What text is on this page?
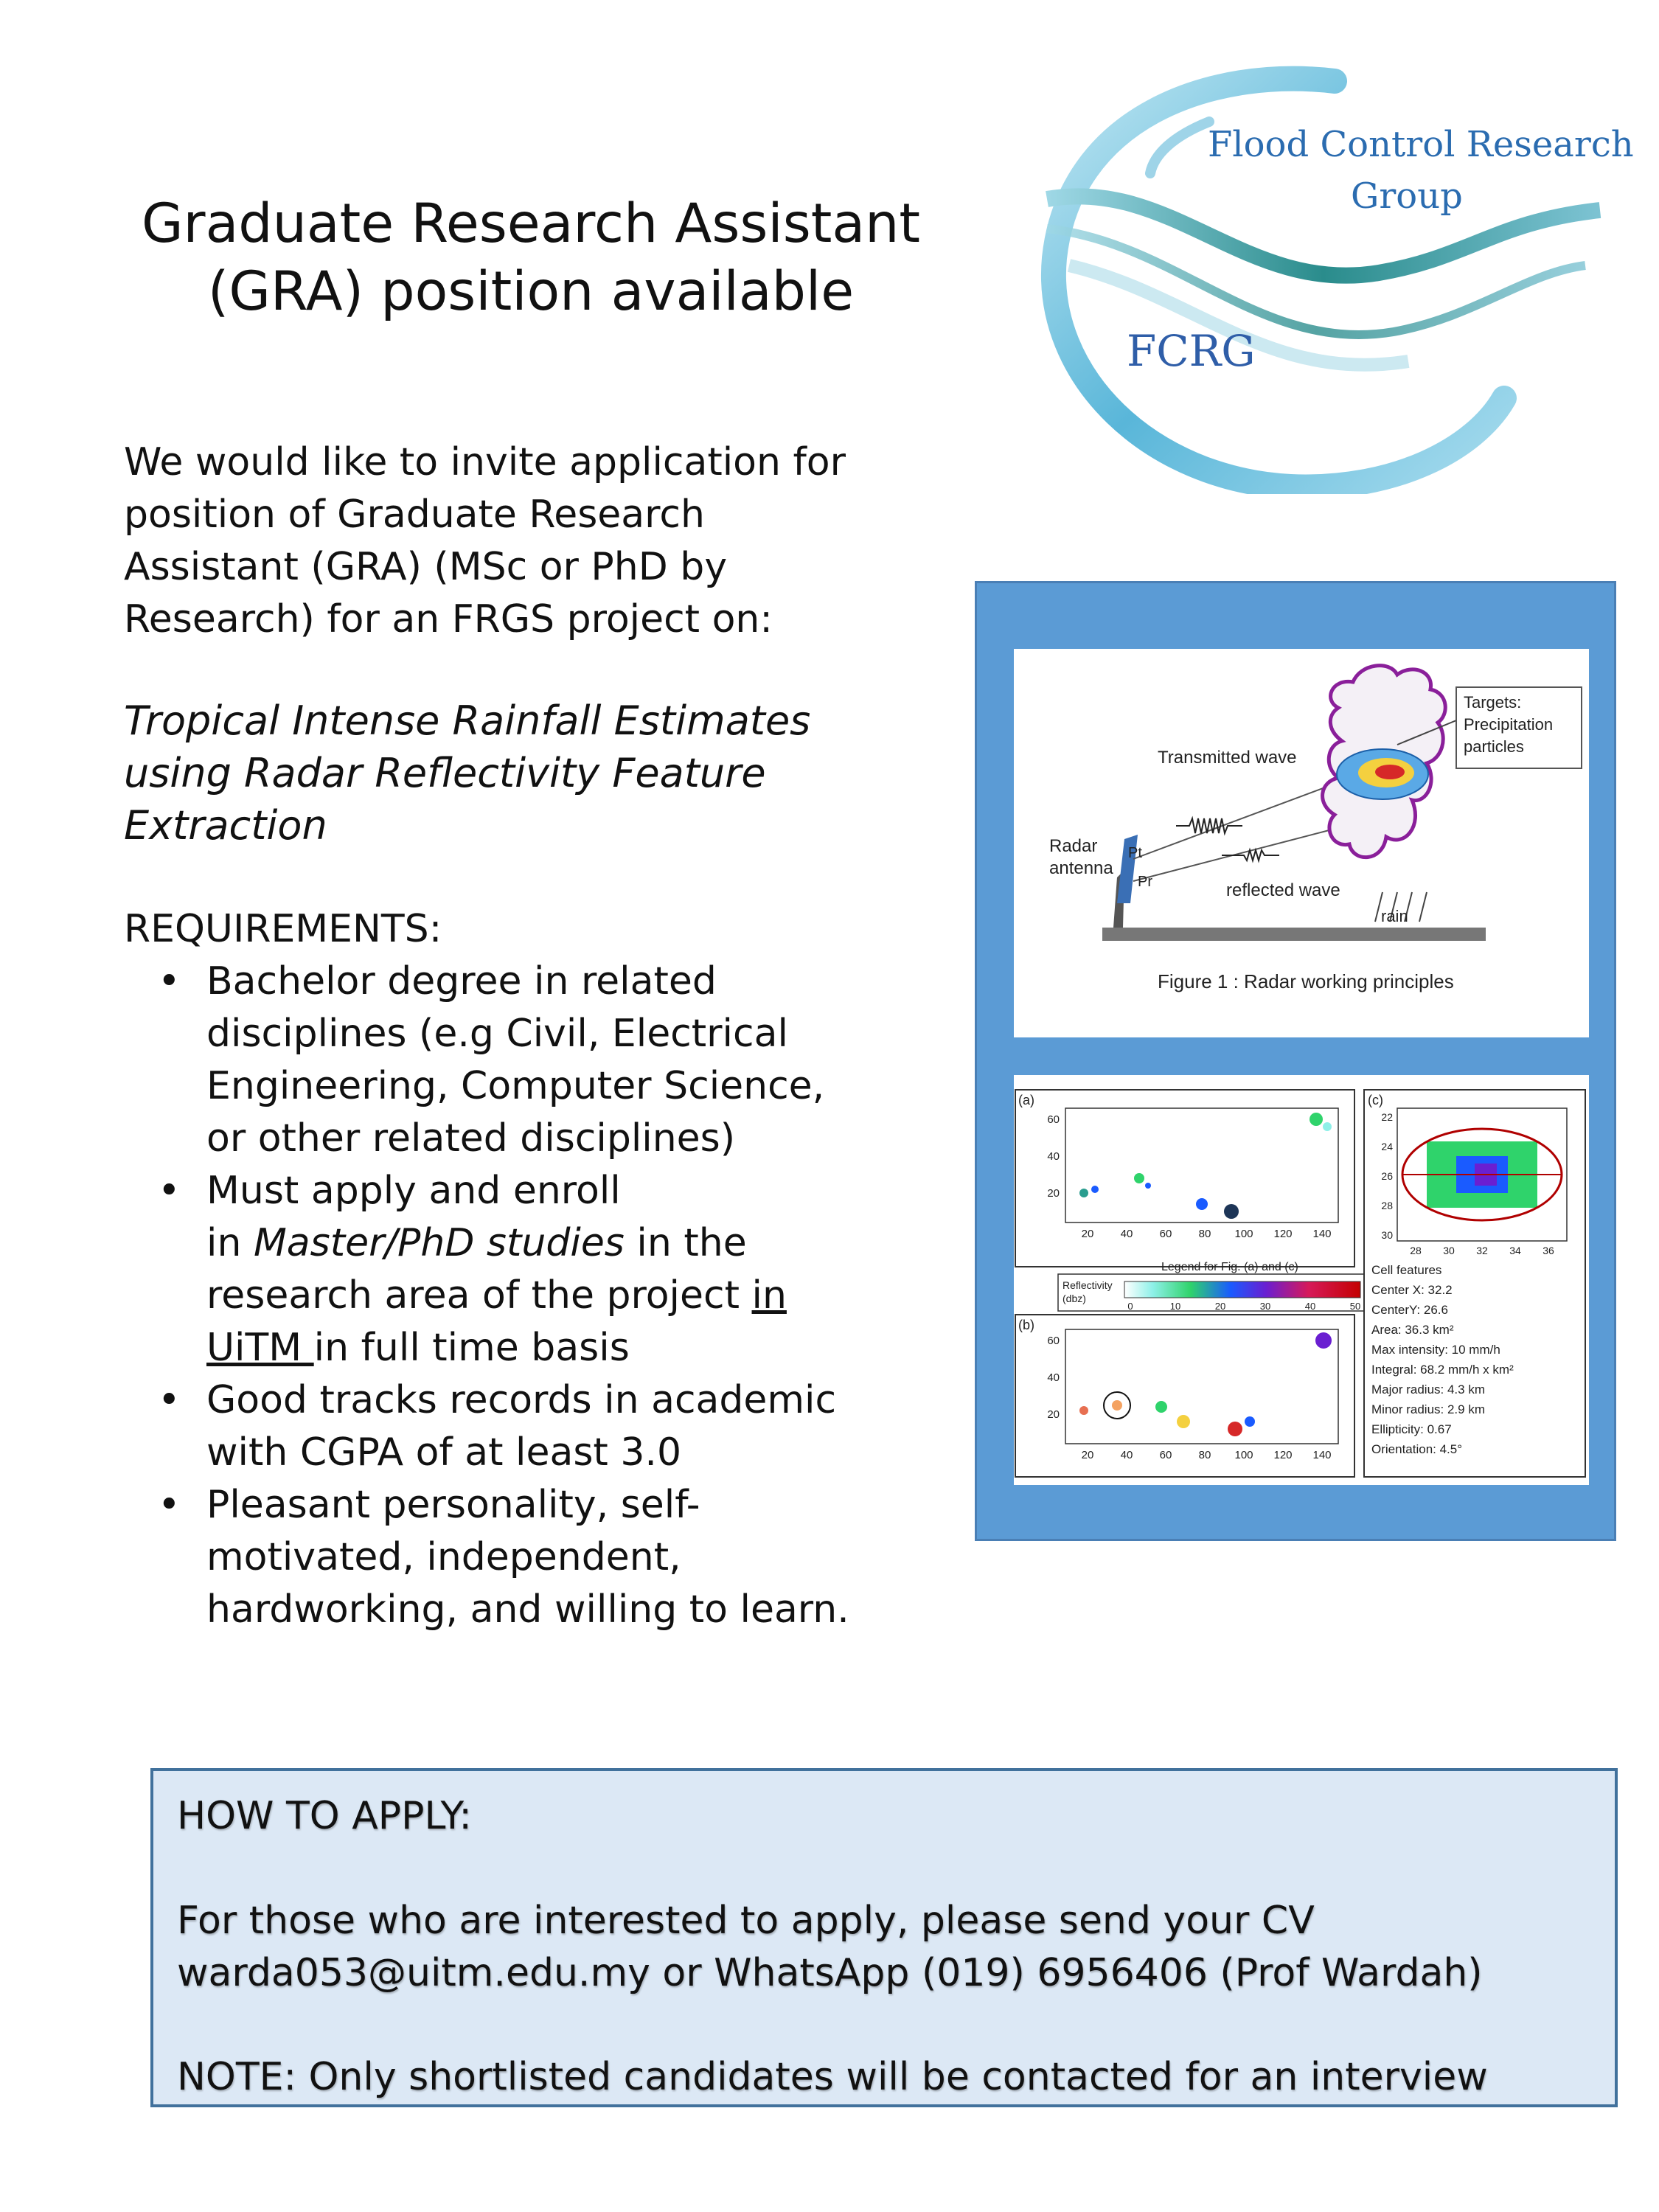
Graduate Research Assistant
(GRA) position available
We would like to invite application for
position of Graduate Research
Assistant (GRA) (MSc or PhD by
Research) for an FRGS project on:
Tropical Intense Rainfall Estimates
using Radar Reflectivity Feature
Extraction
REQUIREMENTS:
• Bachelor degree in related
disciplines (e.g Civil, Electrical
Engineering, Computer Science,
or other related disciplines)
• Must apply and enroll
in Master/PhD studies in the
research area of the project in
UiTM in full time basis
• Good tracks records in academic
with CGPA of at least 3.0
• Pleasant personality, self-
motivated, independent,
hardworking, and willing to learn.
Flood Control Research
Group
FCRG
Targets:
Precipitation
particles
Transmitted wave
reflected wave
Radar
antenna
Pt
Pr
rain
Figure 1 : Radar working principles
(a)
(b)
Legend for Fig. (a) and (c)
Reflectivity
(dbz)
(c)
20
20
40
40
60
60
80
80
100
100
120
120
140
140
60
60
40
40
20
20
28 30 32 34 36
22
24
26
28
30
0	10	20	30	40	50
Cell features
Center X: 32.2
CenterY: 26.6
Area: 36.3 km²
Max intensity: 10 mm/h
Integral: 68.2 mm/h x km²
Major radius: 4.3 km
Minor radius: 2.9 km
Ellipticity: 0.67
Orientation: 4.5°
HOW TO APPLY:
For those who are interested to apply, please send your CV
warda053@uitm.edu.my or WhatsApp (019) 6956406 (Prof Wardah)
NOTE: Only shortlisted candidates will be contacted for an interview
